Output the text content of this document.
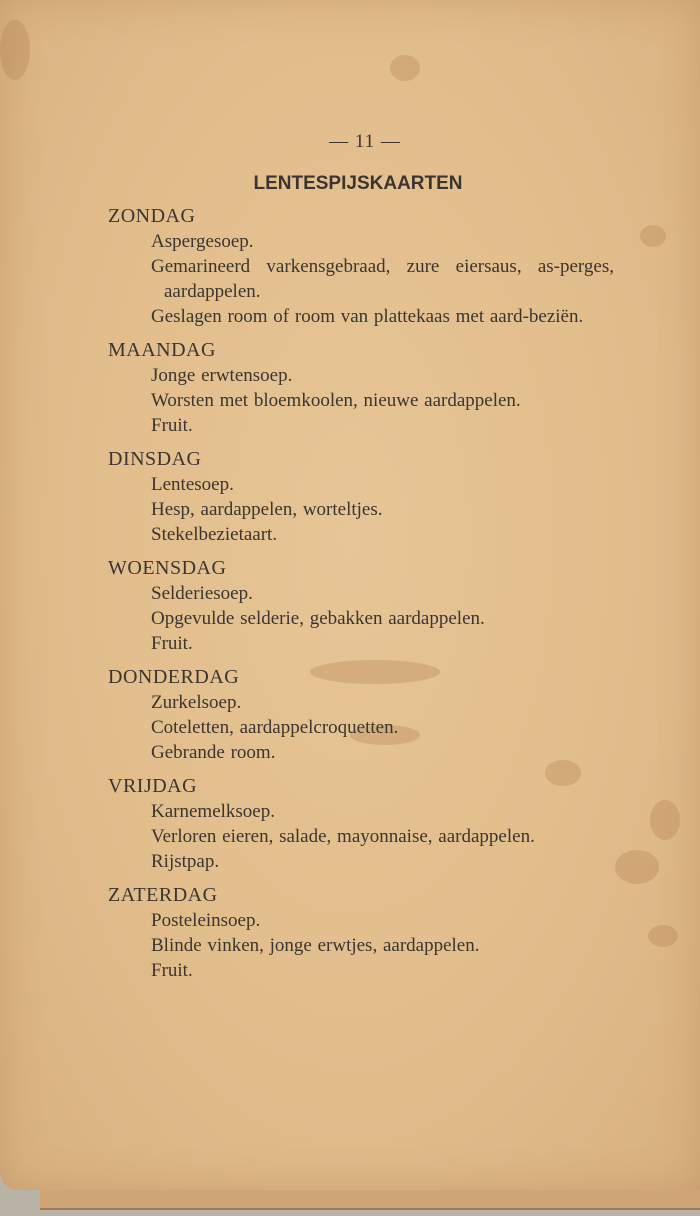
— 11 —
LENTESPIJSKAARTEN
ZONDAG
Aspergesoep.
Gemarineerd varkensgebraad, zure eiersaus, as-perges, aardappelen.
Geslagen room of room van plattekaas met aard-beziën.
MAANDAG
Jonge erwtensoep.
Worsten met bloemkoolen, nieuwe aardappelen.
Fruit.
DINSDAG
Lentesoep.
Hesp, aardappelen, worteltjes.
Stekelbezietaart.
WOENSDAG
Selderiesoep.
Opgevulde selderie, gebakken aardappelen.
Fruit.
DONDERDAG
Zurkelsoep.
Coteletten, aardappelcroquetten.
Gebrande room.
VRIJDAG
Karnemelksoep.
Verloren eieren, salade, mayonnaise, aardappelen.
Rijstpap.
ZATERDAG
Posteleinsoep.
Blinde vinken, jonge erwtjes, aardappelen.
Fruit.
